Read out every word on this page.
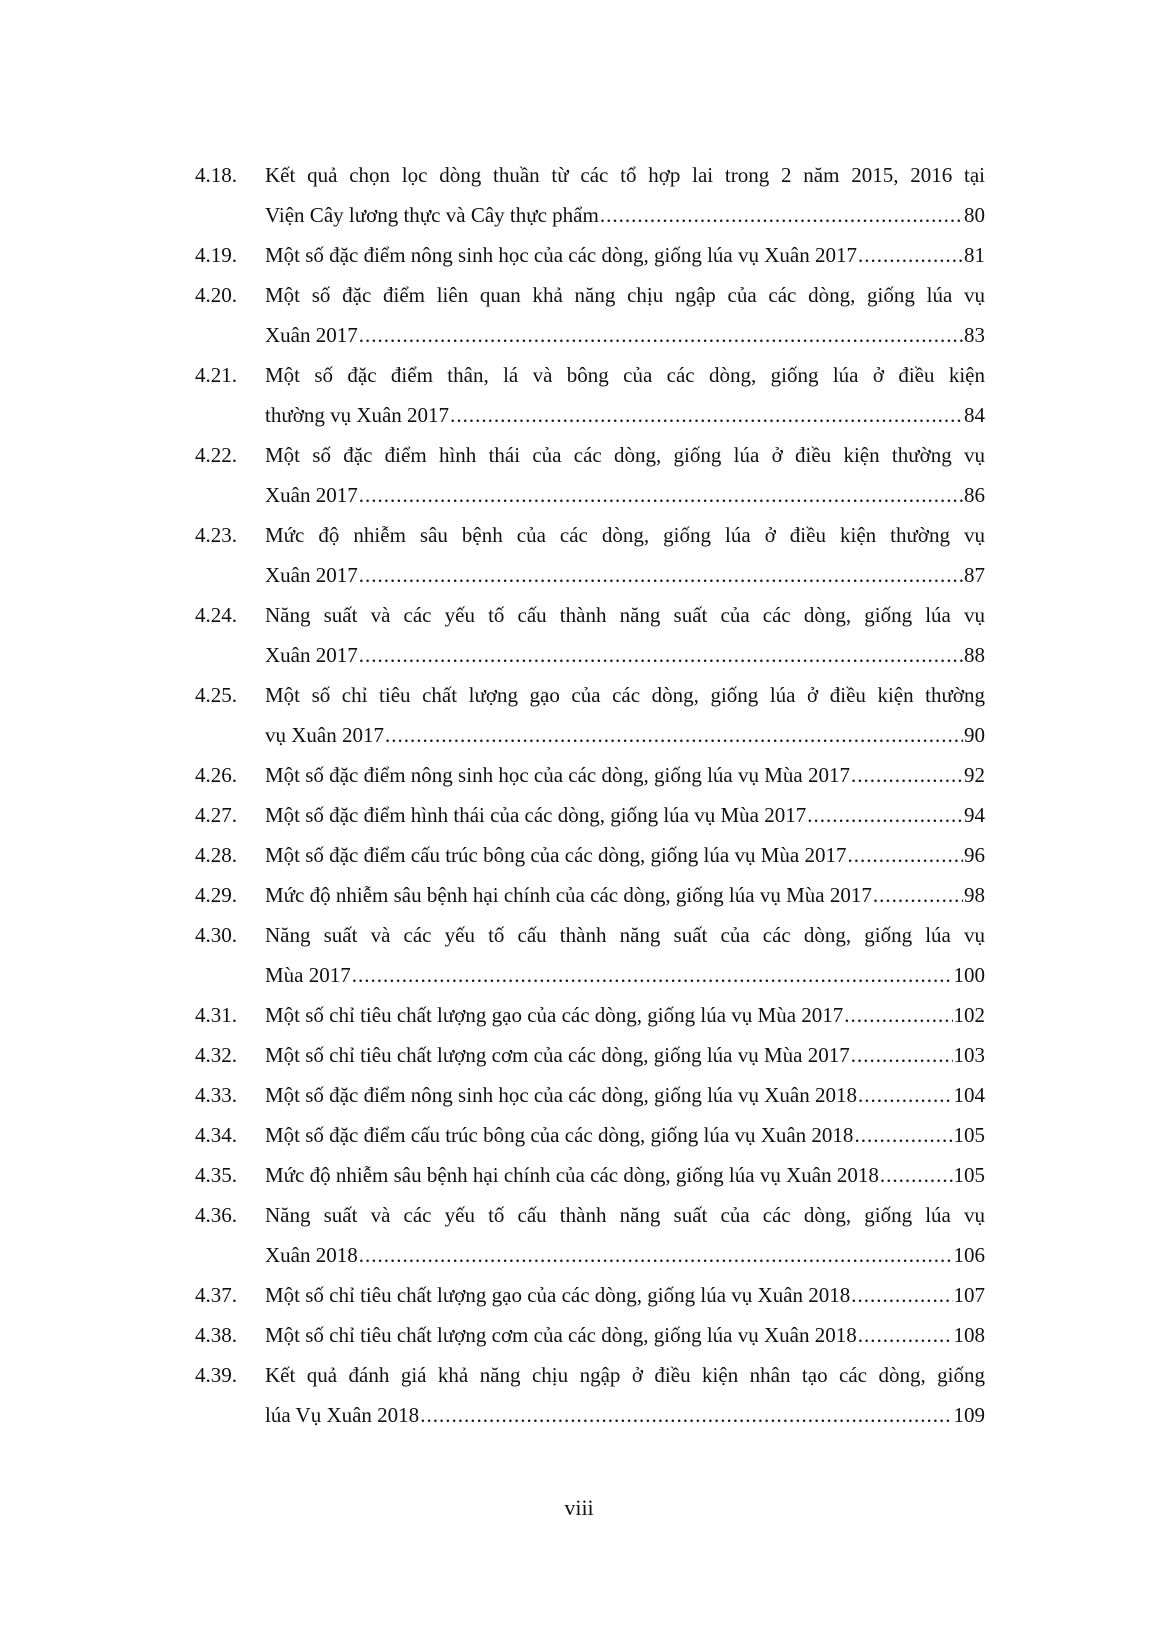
4.18.	Kết quả chọn lọc dòng thuần từ các tổ hợp lai trong 2 năm 2015, 2016 tại
Viện Cây lương thực và Cây thực phẩm .....	80
4.19.	Một số đặc điểm nông sinh học của các dòng, giống lúa vụ Xuân 2017 .....	81
4.20.	Một số đặc điểm liên quan khả năng chịu ngập của các dòng, giống lúa vụ
Xuân 2017 .....	83
4.21.	Một số đặc điểm thân, lá và bông của các dòng, giống lúa ở điều kiện
thường vụ Xuân 2017 .....	84
4.22.	Một số đặc điểm hình thái của các dòng, giống lúa ở điều kiện thường vụ
Xuân 2017 .....	86
4.23.	Mức độ nhiễm sâu bệnh của các dòng, giống lúa ở điều kiện thường vụ
Xuân 2017 .....	87
4.24.	Năng suất và các yếu tố cấu thành năng suất của các dòng, giống lúa vụ
Xuân 2017 .....	88
4.25.	Một số chỉ tiêu chất lượng gạo của các dòng, giống lúa ở điều kiện thường
vụ Xuân 2017 .....	90
4.26.	Một số đặc điểm nông sinh học của các dòng, giống lúa vụ Mùa 2017 .....	92
4.27.	Một số đặc điểm hình thái của các dòng, giống lúa vụ Mùa 2017 .....	94
4.28.	Một số đặc điểm cấu trúc bông của các dòng, giống lúa vụ Mùa 2017 .....	96
4.29.	Mức độ nhiễm sâu bệnh hại chính của các dòng, giống lúa vụ Mùa 2017 .....	98
4.30.	Năng suất và các yếu tố cấu thành năng suất của các dòng, giống lúa vụ
Mùa 2017 .....	100
4.31.	Một số chỉ tiêu chất lượng gạo của các dòng, giống lúa vụ Mùa 2017 .....	102
4.32.	Một số chỉ tiêu chất lượng cơm của các dòng, giống lúa vụ Mùa 2017 .....	103
4.33.	Một số đặc điểm nông sinh học của các dòng, giống lúa vụ Xuân 2018 .....	104
4.34.	Một số đặc điểm cấu trúc bông của các dòng, giống lúa vụ Xuân 2018 .....	105
4.35.	Mức độ nhiễm sâu bệnh hại chính của các dòng, giống lúa vụ Xuân 2018 .....	105
4.36.	Năng suất và các yếu tố cấu thành năng suất của các dòng, giống lúa vụ
Xuân 2018 .....	106
4.37.	Một số chỉ tiêu chất lượng gạo của các dòng, giống lúa vụ Xuân 2018 .....	107
4.38.	Một số chỉ tiêu chất lượng cơm của các dòng, giống lúa vụ Xuân 2018 .....	108
4.39.	Kết quả đánh giá khả năng chịu ngập ở điều kiện nhân tạo các dòng, giống
lúa Vụ Xuân 2018 .....	109
viii
